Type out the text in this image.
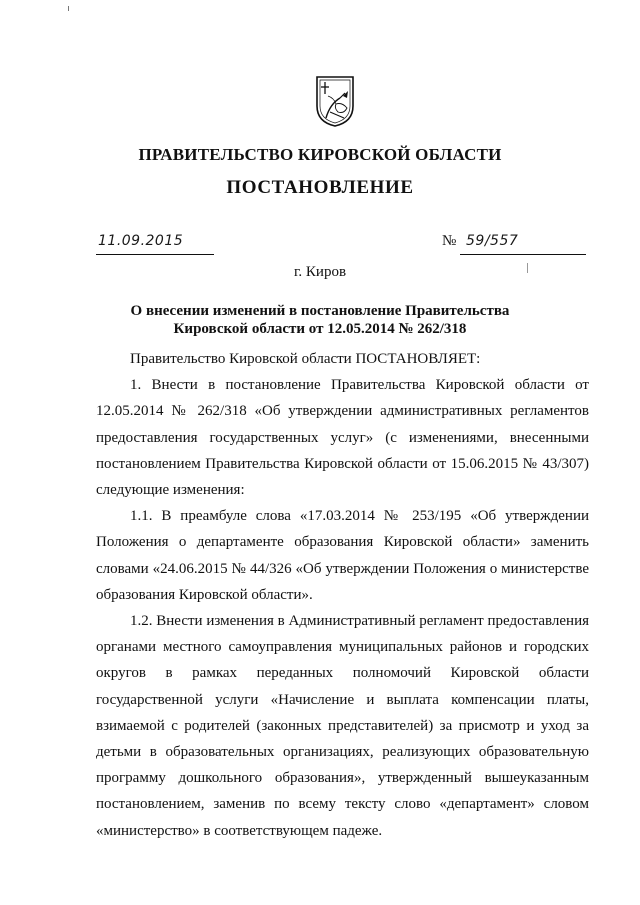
ПРАВИТЕЛЬСТВО КИРОВСКОЙ ОБЛАСТИ
ПОСТАНОВЛЕНИЕ
11.09.2015	№ 59/557
г. Киров
О внесении изменений в постановление Правительства
Кировской области от 12.05.2014 № 262/318

Правительство Кировской области ПОСТАНОВЛЯЕТ:

1. Внести в постановление Правительства Кировской области от 12.05.2014 № 262/318 «Об утверждении административных регламентов предоставления государственных услуг» (с изменениями, внесенными постановлением Правительства Кировской области от 15.06.2015 № 43/307) следующие изменения:

1.1. В преамбуле слова «17.03.2014 № 253/195 «Об утверждении Положения о департаменте образования Кировской области» заменить словами «24.06.2015 № 44/326 «Об утверждении Положения о министерстве образования Кировской области».

1.2. Внести изменения в Административный регламент предоставления органами местного самоуправления муниципальных районов и городских округов в рамках переданных полномочий Кировской области государственной услуги «Начисление и выплата компенсации платы, взимаемой с родителей (законных представителей) за присмотр и уход за детьми в образовательных организациях, реализующих образовательную программу дошкольного образования», утвержденный вышеуказанным постановлением, заменив по всему тексту слово «департамент» словом «министерство» в соответствующем падеже.
